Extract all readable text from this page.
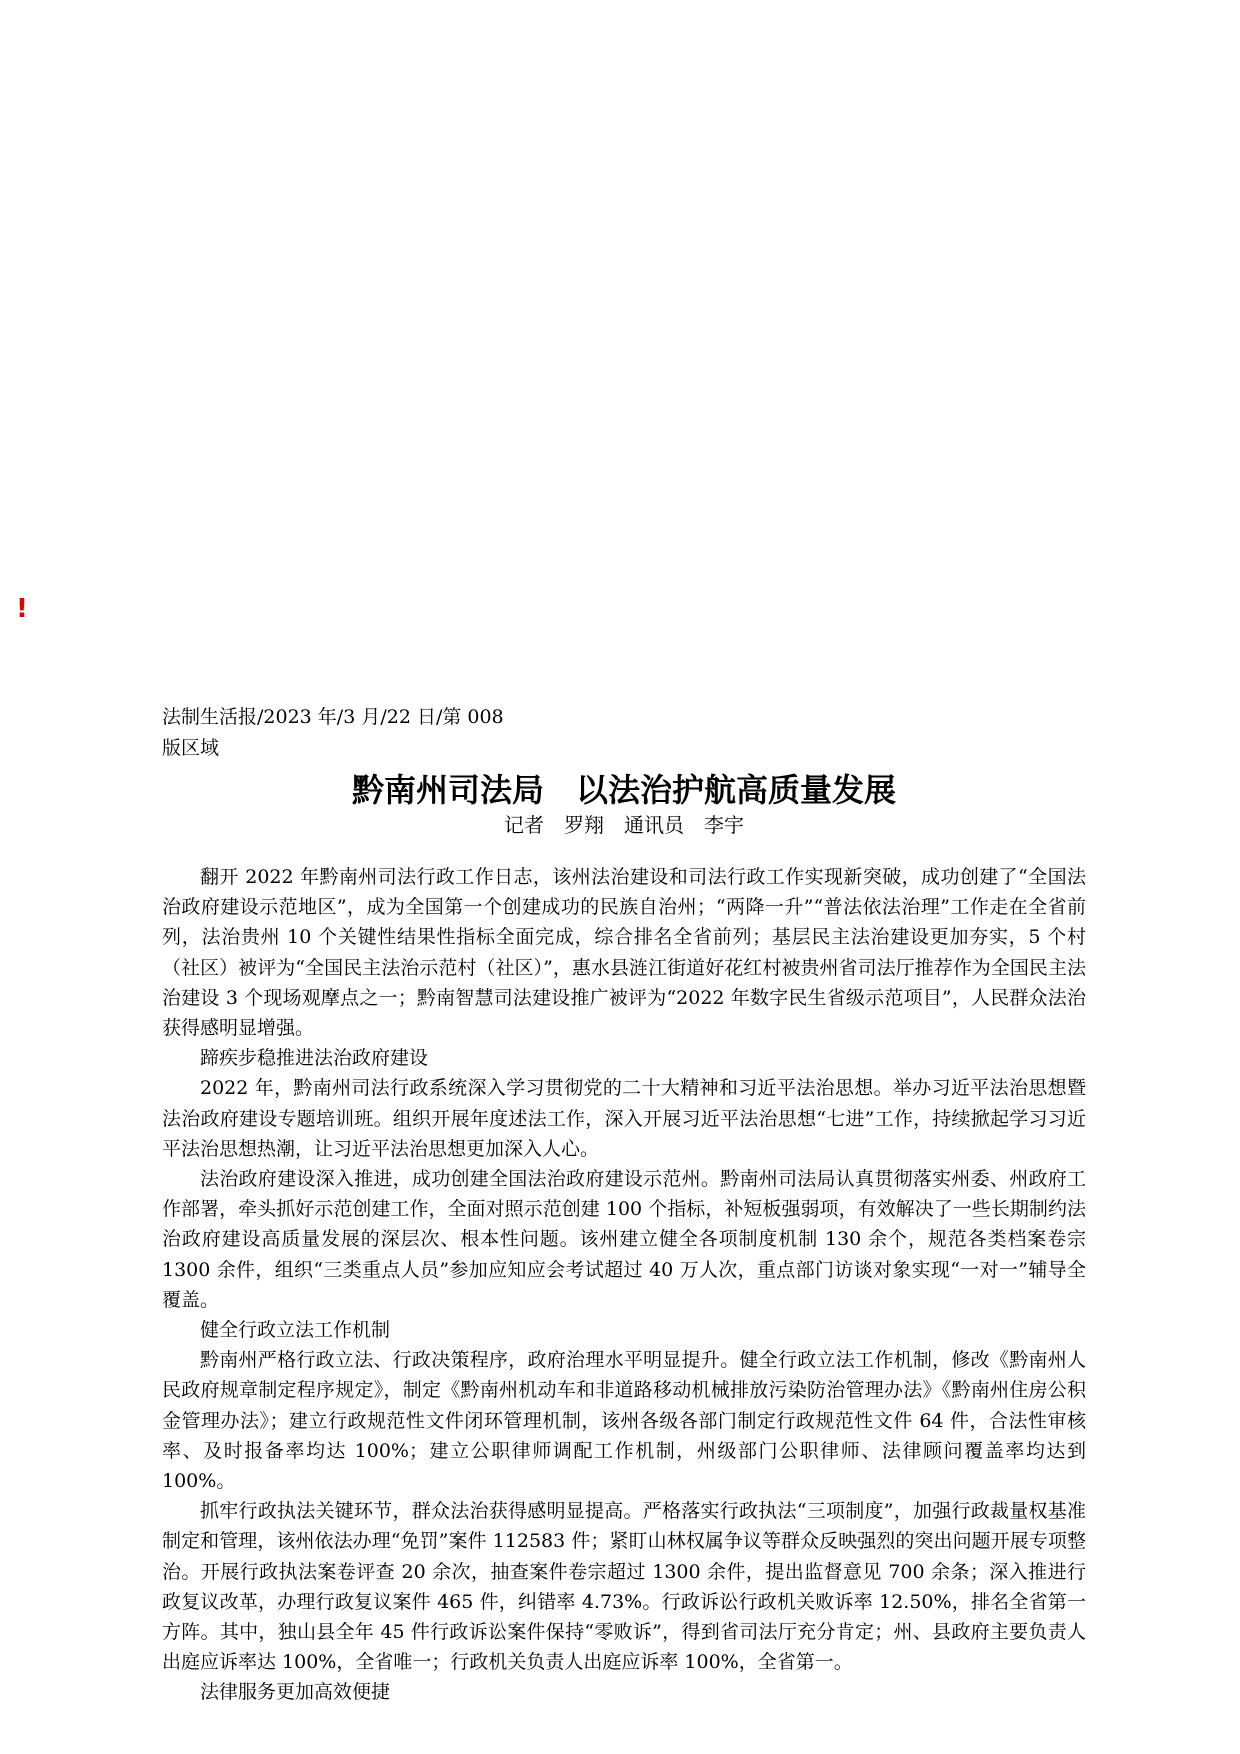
!
法制生活报/2023 年/3 月/22 日/第 008
版区域
黔南州司法局　以法治护航高质量发展
记者　罗翔　通讯员　李宇

翻开 2022 年黔南州司法行政工作日志，该州法治建设和司法行政工作实现新突破，成功创建了“全国法治政府建设示范地区”，成为全国第一个创建成功的民族自治州；“两降一升”“普法依法治理”工作走在全省前列，法治贵州 10 个关键性结果性指标全面完成，综合排名全省前列；基层民主法治建设更加夯实，5 个村（社区）被评为“全国民主法治示范村（社区）”，惠水县涟江街道好花红村被贵州省司法厅推荐作为全国民主法治建设 3 个现场观摩点之一；黔南智慧司法建设推广被评为“2022 年数字民生省级示范项目”，人民群众法治获得感明显增强。

蹄疾步稳推进法治政府建设

2022 年，黔南州司法行政系统深入学习贯彻党的二十大精神和习近平法治思想。举办习近平法治思想暨法治政府建设专题培训班。组织开展年度述法工作，深入开展习近平法治思想“七进”工作，持续掀起学习习近平法治思想热潮，让习近平法治思想更加深入人心。

法治政府建设深入推进，成功创建全国法治政府建设示范州。黔南州司法局认真贯彻落实州委、州政府工作部署，牵头抓好示范创建工作，全面对照示范创建 100 个指标，补短板强弱项，有效解决了一些长期制约法治政府建设高质量发展的深层次、根本性问题。该州建立健全各项制度机制 130 余个，规范各类档案卷宗 1300 余件，组织“三类重点人员”参加应知应会考试超过 40 万人次，重点部门访谈对象实现“一对一”辅导全覆盖。

健全行政立法工作机制

黔南州严格行政立法、行政决策程序，政府治理水平明显提升。健全行政立法工作机制，修改《黔南州人民政府规章制定程序规定》，制定《黔南州机动车和非道路移动机械排放污染防治管理办法》《黔南州住房公积金管理办法》；建立行政规范性文件闭环管理机制，该州各级各部门制定行政规范性文件 64 件，合法性审核率、及时报备率均达 100%；建立公职律师调配工作机制，州级部门公职律师、法律顾问覆盖率均达到 100%。

抓牢行政执法关键环节，群众法治获得感明显提高。严格落实行政执法“三项制度”，加强行政裁量权基准制定和管理，该州依法办理“免罚”案件 112583 件；紧盯山林权属争议等群众反映强烈的突出问题开展专项整治。开展行政执法案卷评查 20 余次，抽查案件卷宗超过 1300 余件，提出监督意见 700 余条；深入推进行政复议改革，办理行政复议案件 465 件，纠错率 4.73%。行政诉讼行政机关败诉率 12.50%，排名全省第一方阵。其中，独山县全年 45 件行政诉讼案件保持“零败诉”，得到省司法厅充分肯定；州、县政府主要负责人出庭应诉率达 100%，全省唯一；行政机关负责人出庭应诉率 100%，全省第一。

法律服务更加高效便捷
